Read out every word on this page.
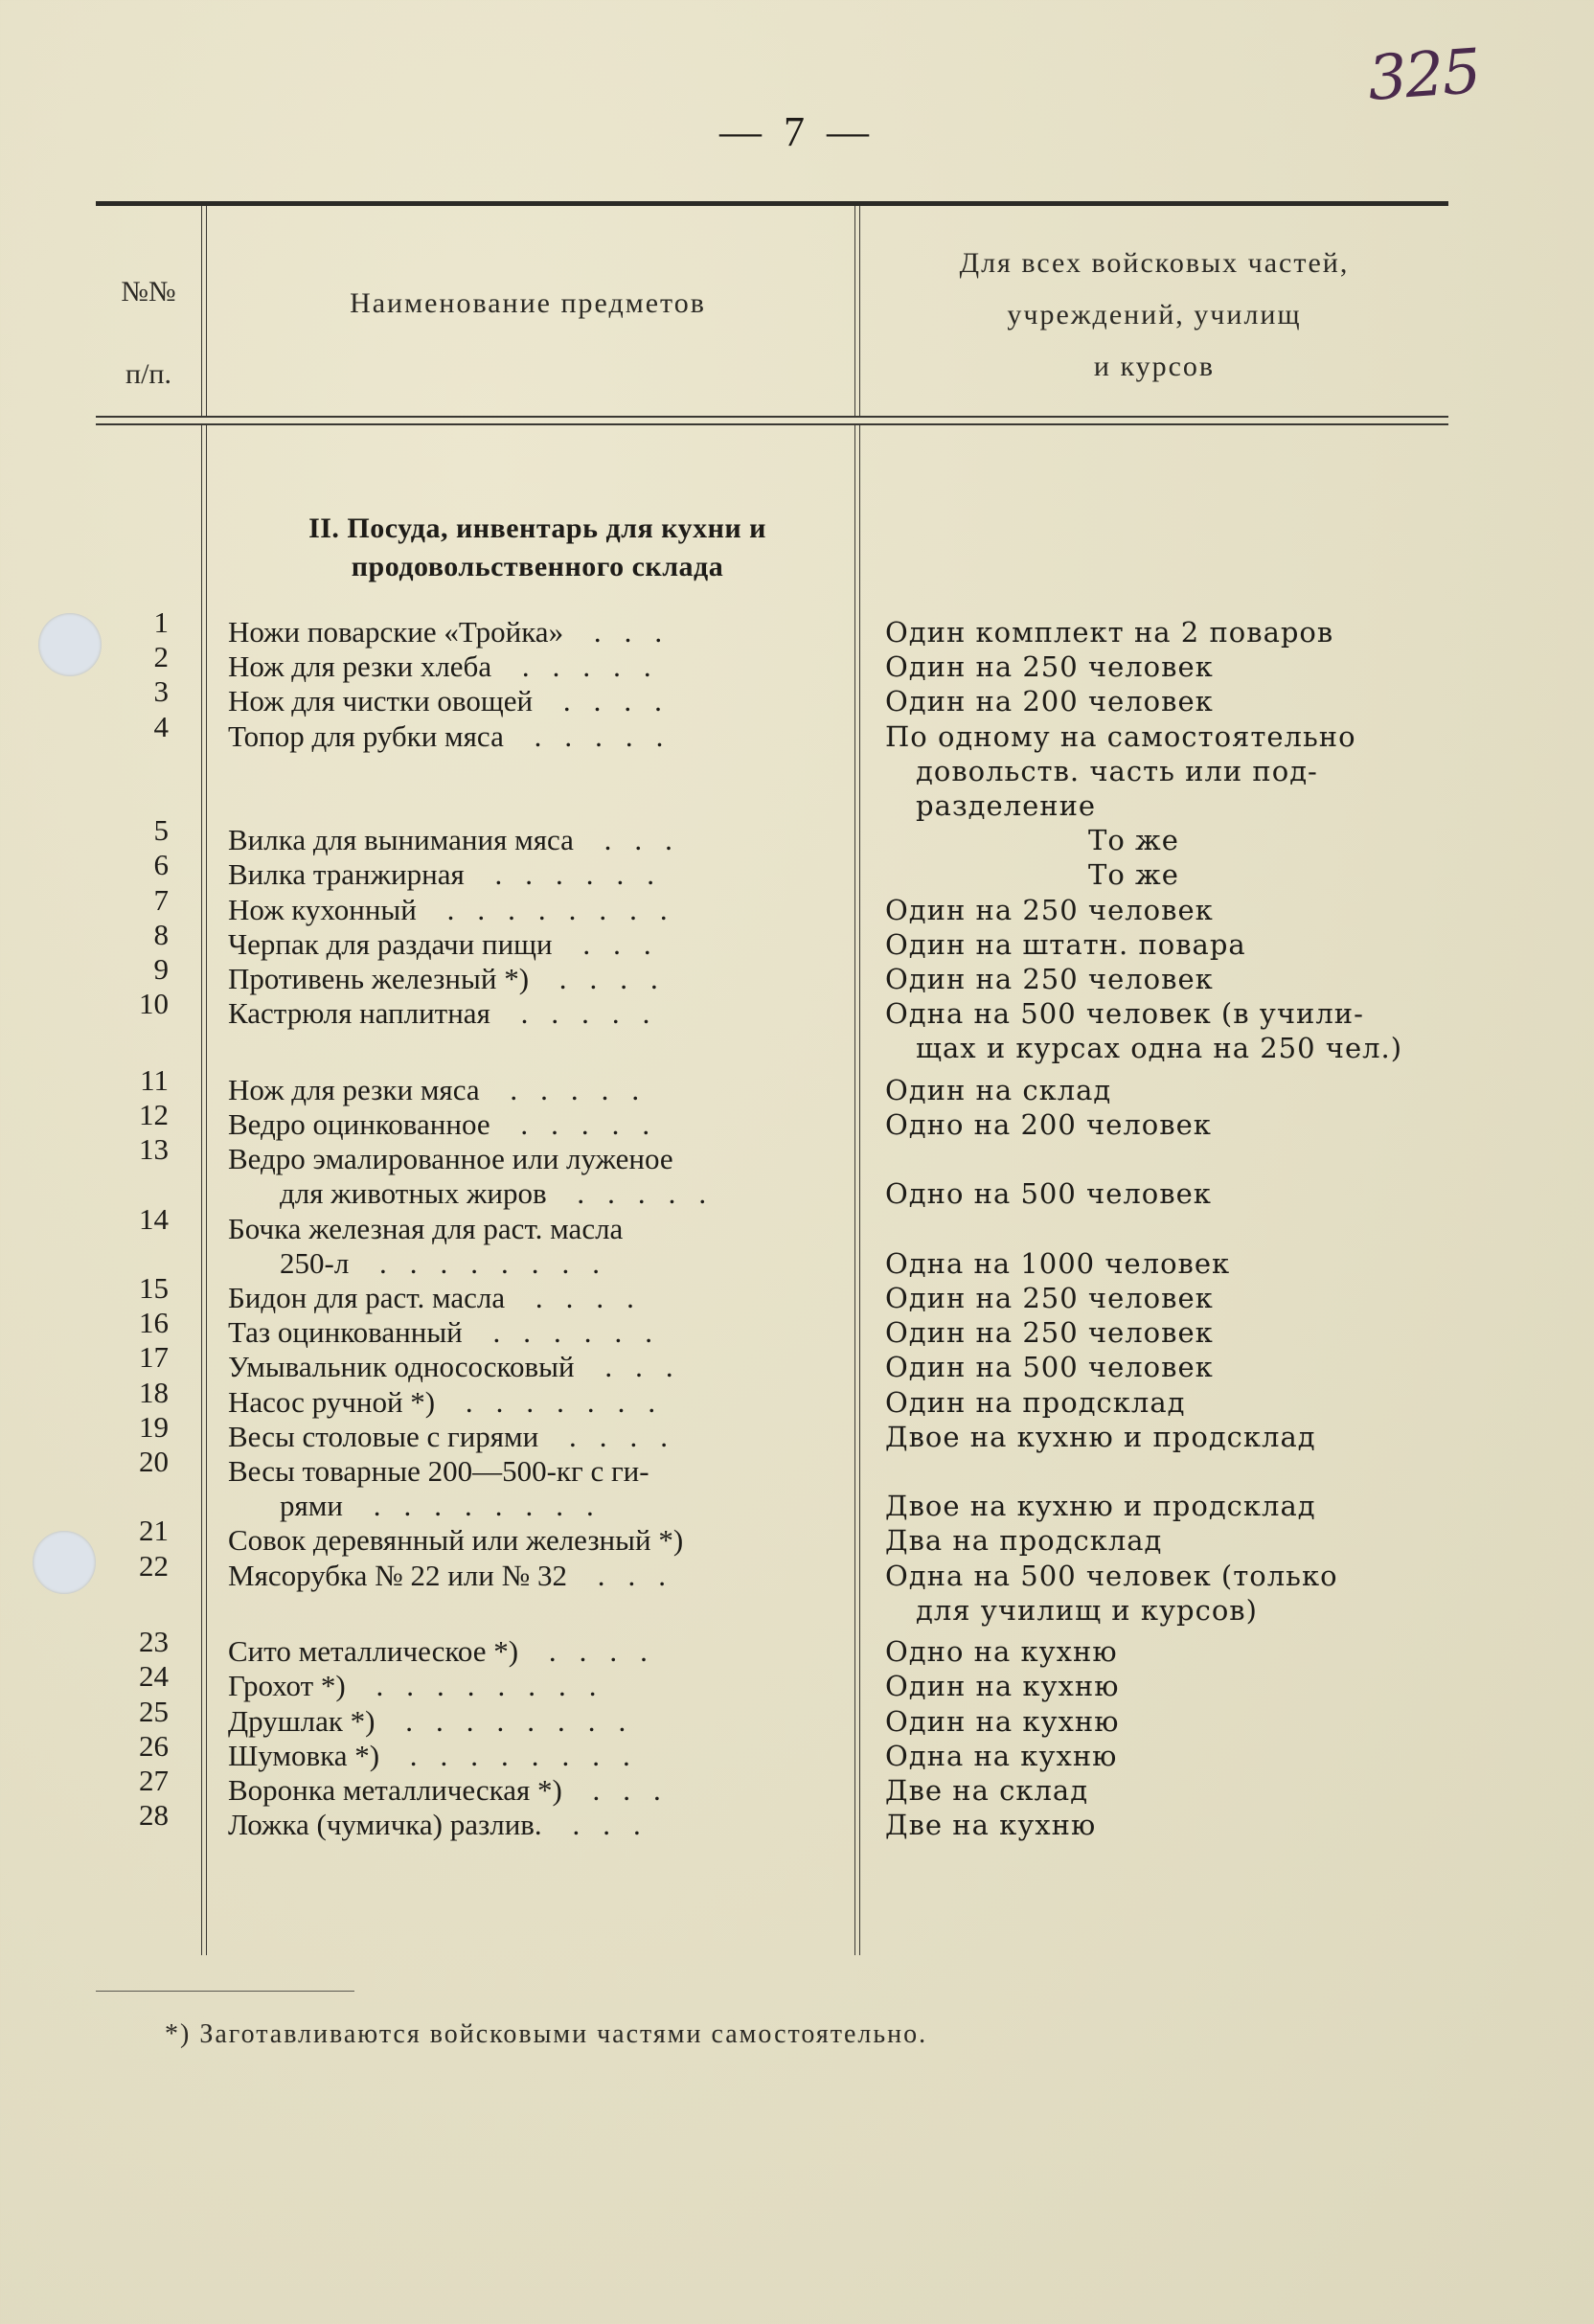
325
— 7 —
№№
п/п.
Наименование предметов
Для всех войсковых частей,
учреждений, училищ
и курсов
II. Посуда, инвентарь для кухни и
продовольственного склада
1 Ножи поварские «Тройка» ...	Один комплект на 2 поваров
2 Нож для резки хлеба .....	Один на 250 человек
3 Нож для чистки овощей ....	Один на 200 человек
4 Топор для рубки мяса .....	По одному на самостоятельно
довольств. часть или под-
разделение
5 Вилка для вынимания мяса ...	То же
6 Вилка транжирная ......	То же
7 Нож кухонный ........	Один на 250 человек
8 Черпак для раздачи пищи ...	Один на штатн. повара
9 Противень железный *) ....	Один на 250 человек
10 Кастрюля наплитная .....	Одна на 500 человек (в учили-
щах и курсах одна на 250 чел.)
11 Нож для резки мяса .....	Один на склад
12 Ведро оцинкованное .....	Одно на 200 человек
13 Ведро эмалированное или луженое
для животных жиров .....	Одно на 500 человек
14 Бочка железная для раст. масла
250-л ........	Одна на 1000 человек
15 Бидон для раст. масла ....	Один на 250 человек
16 Таз оцинкованный ......	Один на 250 человек
17 Умывальник однососковый ...	Один на 500 человек
18 Насос ручной *) .......	Один на продсклад
19 Весы столовые с гирями ....	Двое на кухню и продсклад
20 Весы товарные 200—500-кг с ги-
рями ........	Двое на кухню и продсклад
21 Совок деревянный или железный *)	Два на продсклад
22 Мясорубка № 22 или № 32 ...	Одна на 500 человек (только
для училищ и курсов)
23 Сито металлическое *) ....	Одно на кухню
24 Грохот *) ........	Один на кухню
25 Друшлак *) ........	Один на кухню
26 Шумовка *) ........	Одна на кухню
27 Воронка металлическая *) ...	Две на склад
28 Ложка (чумичка) разлив. ...	Две на кухню
*) Заготавливаются войсковыми частями самостоятельно.
